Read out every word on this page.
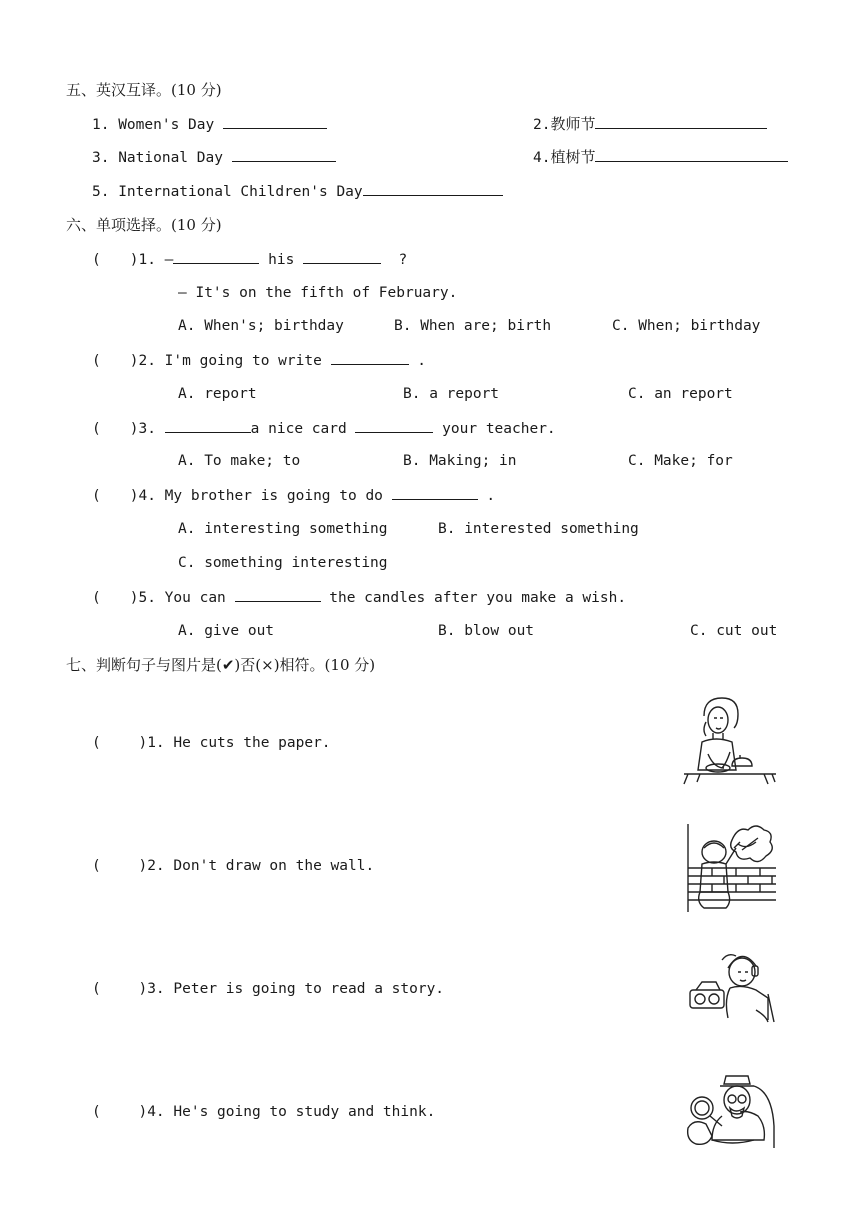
五、英汉互译。(10 分)
1. Women's Day	2.教师节
3. National Day	4.植树节
5. International Children's Day
六、单项选择。(10 分)
(　　)1. —	his	?
— It's on the fifth of February.
A. When's; birthday	B. When are; birth	C. When; birthday
(　　)2. I'm going to write	.
A. report	B. a report	C. an report
(　　)3.	a nice card	your teacher.
A. To make; to	B. Making; in	C. Make; for
(　　)4. My brother is going to do	.
A. interesting something	B. interested something
C. something interesting
(　　)5. You can	the candles after you make a wish.
A. give out	B. blow out	C. cut out
七、判断句子与图片是(✔)否(×)相符。(10 分)
(　　 )1. He cuts the paper.
(　　 )2. Don't draw on the wall.
(　　 )3. Peter is going to read a story.
(　　 )4. He's going to study and think.
